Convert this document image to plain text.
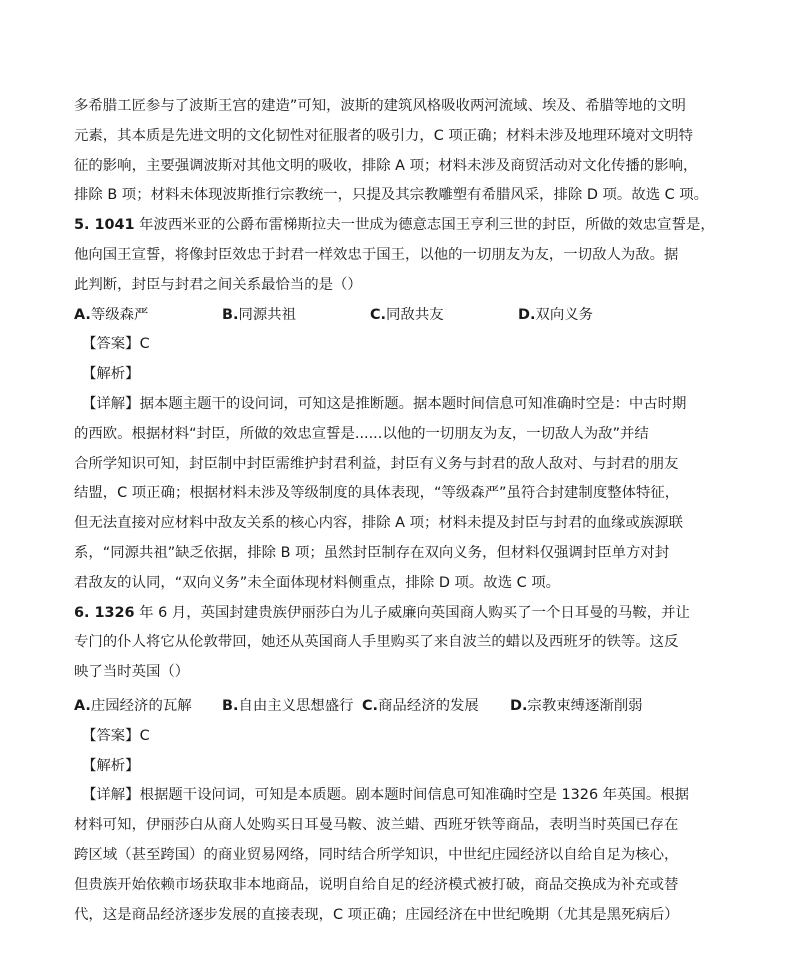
多希腊工匠参与了波斯王宫的建造”可知，波斯的建筑风格吸收两河流域、埃及、希腊等地的文明
元素，其本质是先进文明的文化韧性对征服者的吸引力，C 项正确；材料未涉及地理环境对文明特
征的影响，主要强调波斯对其他文明的吸收，排除 A 项；材料未涉及商贸活动对文化传播的影响，
排除 B 项；材料未体现波斯推行宗教统一，只提及其宗教雕塑有希腊风采，排除 D 项。故选 C 项。
5. 1041 年波西米亚的公爵布雷梯斯拉夫一世成为德意志国王亨利三世的封臣，所做的效忠宣誓是，
他向国王宣誓，将像封臣效忠于封君一样效忠于国王，以他的一切朋友为友，一切敌人为敌。据
此判断，封臣与封君之间关系最恰当的是（）
A. 等级森严	B. 同源共祖	C. 同敌共友	D. 双向义务
【答案】C
【解析】
【详解】据本题主题干的设问词，可知这是推断题。据本题时间信息可知准确时空是：中古时期
的西欧。根据材料“封臣，所做的效忠宣誓是......以他的一切朋友为友，一切敌人为敌”并结
合所学知识可知，封臣制中封臣需维护封君利益，封臣有义务与封君的敌人敌对、与封君的朋友
结盟，C 项正确；根据材料未涉及等级制度的具体表现，“等级森严”虽符合封建制度整体特征，
但无法直接对应材料中敌友关系的核心内容，排除 A 项；材料未提及封臣与封君的血缘或族源联
系，“同源共祖”缺乏依据，排除 B 项；虽然封臣制存在双向义务，但材料仅强调封臣单方对封
君敌友的认同，“双向义务”未全面体现材料侧重点，排除 D 项。故选 C 项。
6. 1326 年 6 月，英国封建贵族伊丽莎白为儿子威廉向英国商人购买了一个日耳曼的马鞍，并让
专门的仆人将它从伦敦带回，她还从英国商人手里购买了来自波兰的蜡以及西班牙的铁等。这反
映了当时英国（）
A. 庄园经济的瓦解 B. 自由主义思想盛行 C. 商品经济的发展 D. 宗教束缚逐渐削弱
【答案】C
【解析】
【详解】根据题干设问词，可知是本质题。剧本题时间信息可知准确时空是 1326 年英国。根据
材料可知，伊丽莎白从商人处购买日耳曼马鞍、波兰蜡、西班牙铁等商品，表明当时英国已存在
跨区域（甚至跨国）的商业贸易网络，同时结合所学知识，中世纪庄园经济以自给自足为核心，
但贵族开始依赖市场获取非本地商品，说明自给自足的经济模式被打破，商品交换成为补充或替
代，这是商品经济逐步发展的直接表现，C 项正确；庄园经济在中世纪晚期（尤其是黑死病后）
